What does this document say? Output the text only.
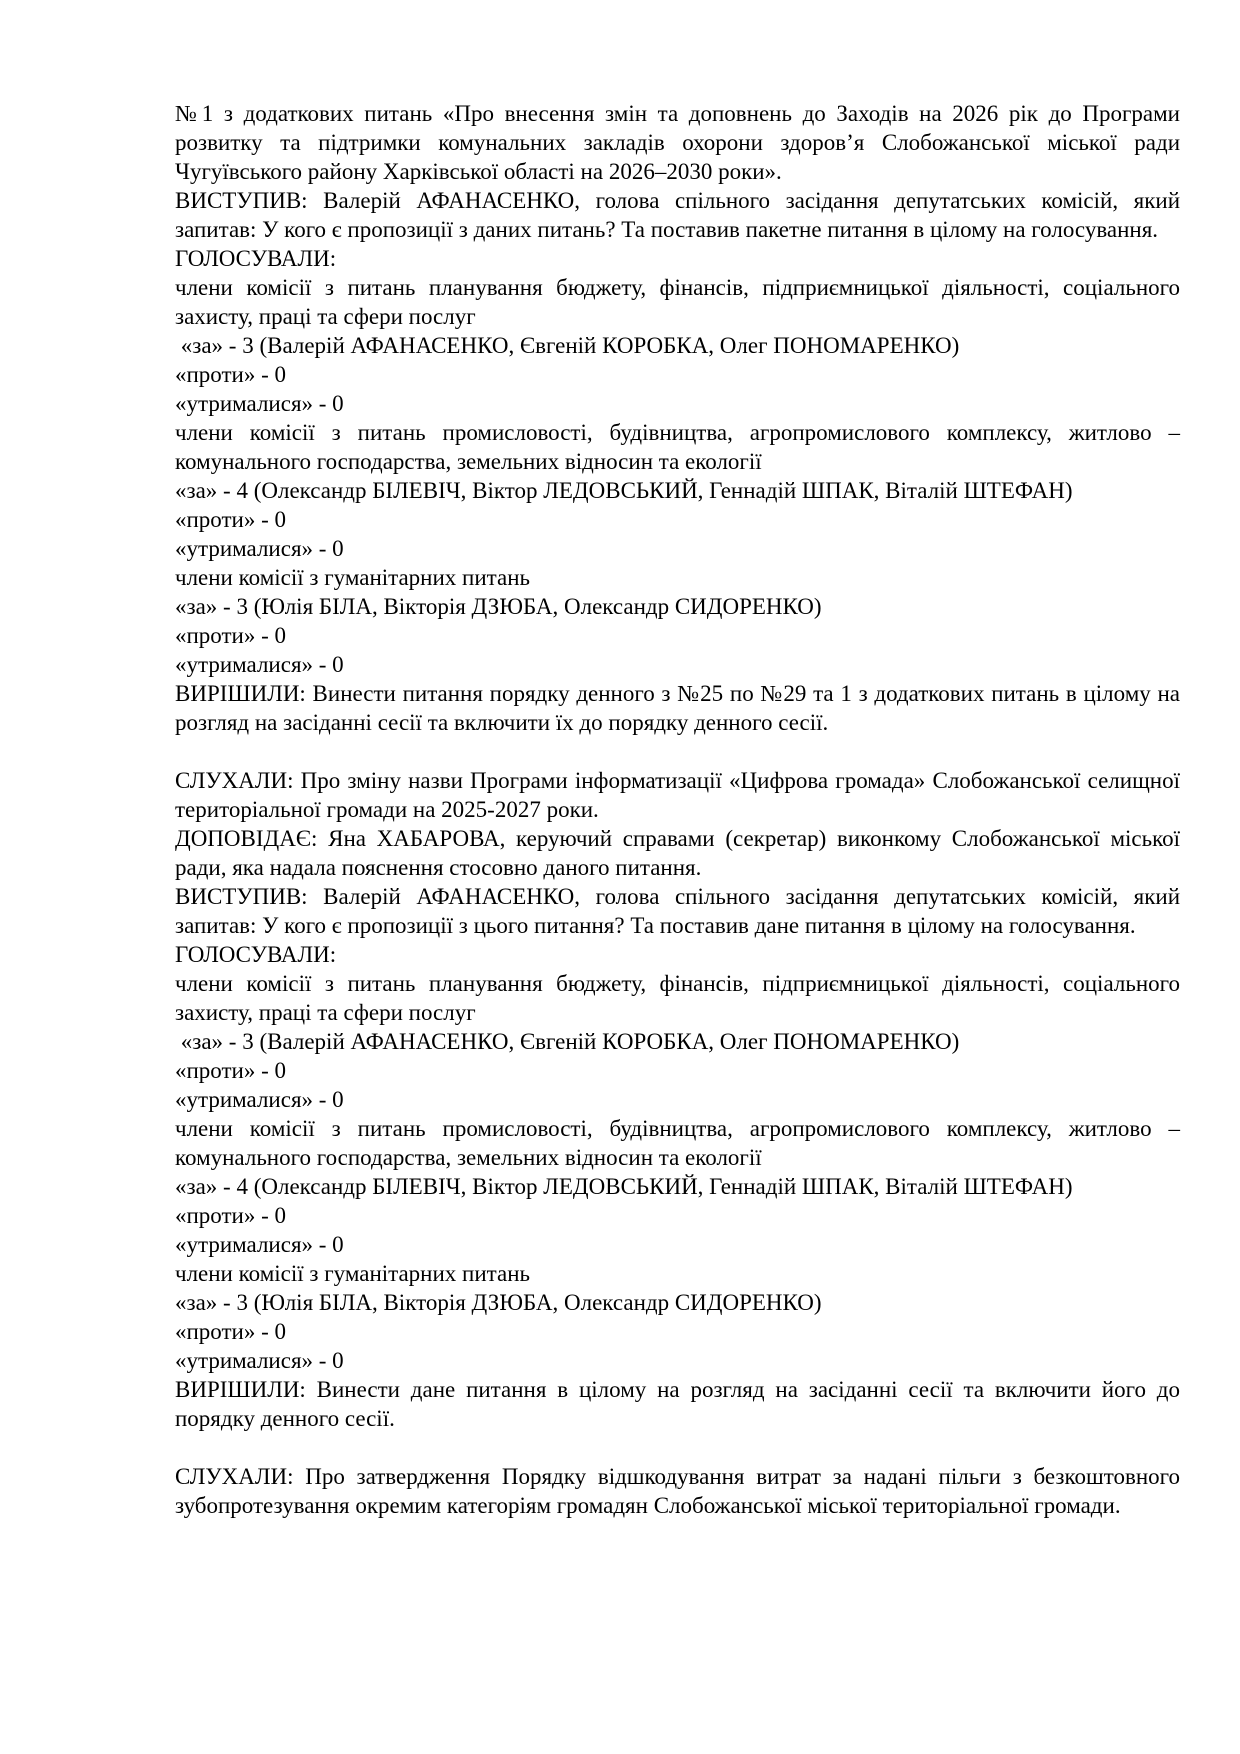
№1 з додаткових питань «Про внесення змін та доповнень до Заходів на 2026 рік до Програми розвитку та підтримки комунальних закладів охорони здоров’я Слобожанської міської ради Чугуївського району Харківської області на 2026–2030 роки».

ВИСТУПИВ: Валерій АФАНАСЕНКО, голова спільного засідання депутатських комісій, який запитав: У кого є пропозиції з даних питань? Та поставив пакетне питання в цілому на голосування.

ГОЛОСУВАЛИ:

члени комісії з питань планування бюджету, фінансів, підприємницької діяльності, соціального захисту, праці та сфери послуг

«за» - 3 (Валерій АФАНАСЕНКО, Євгеній КОРОБКА, Олег ПОНОМАРЕНКО)

«проти» - 0

«утрималися» - 0

члени комісії з питань промисловості, будівництва, агропромислового комплексу, житлово – комунального господарства, земельних відносин та екології

«за» - 4 (Олександр БІЛЕВІЧ, Віктор ЛЕДОВСЬКИЙ, Геннадій ШПАК, Віталій ШТЕФАН)

«проти» - 0

«утрималися» - 0

члени комісії з гуманітарних питань

«за» - 3 (Юлія БІЛА, Вікторія ДЗЮБА, Олександр СИДОРЕНКО)

«проти» - 0

«утрималися» - 0

ВИРІШИЛИ: Винести питання порядку денного з №25 по №29 та 1 з додаткових питань в цілому на розгляд на засіданні сесії та включити їх до порядку денного сесії.

СЛУХАЛИ: Про зміну назви Програми інформатизації «Цифрова громада» Слобожанської селищної територіальної громади на 2025-2027 роки.

ДОПОВІДАЄ: Яна ХАБАРОВА, керуючий справами (секретар) виконкому Слобожанської міської ради, яка надала пояснення стосовно даного питання.

ВИСТУПИВ: Валерій АФАНАСЕНКО, голова спільного засідання депутатських комісій, який запитав: У кого є пропозиції з цього питання? Та поставив дане питання в цілому на голосування.

ГОЛОСУВАЛИ:

члени комісії з питань планування бюджету, фінансів, підприємницької діяльності, соціального захисту, праці та сфери послуг

«за» - 3 (Валерій АФАНАСЕНКО, Євгеній КОРОБКА, Олег ПОНОМАРЕНКО)

«проти» - 0

«утрималися» - 0

члени комісії з питань промисловості, будівництва, агропромислового комплексу, житлово – комунального господарства, земельних відносин та екології

«за» - 4 (Олександр БІЛЕВІЧ, Віктор ЛЕДОВСЬКИЙ, Геннадій ШПАК, Віталій ШТЕФАН)

«проти» - 0

«утрималися» - 0

члени комісії з гуманітарних питань

«за» - 3 (Юлія БІЛА, Вікторія ДЗЮБА, Олександр СИДОРЕНКО)

«проти» - 0

«утрималися» - 0

ВИРІШИЛИ: Винести дане питання в цілому на розгляд на засіданні сесії та включити його до порядку денного сесії.

СЛУХАЛИ: Про затвердження Порядку відшкодування витрат за надані пільги з безкоштовного зубопротезування окремим категоріям громадян Слобожанської міської територіальної громади.
